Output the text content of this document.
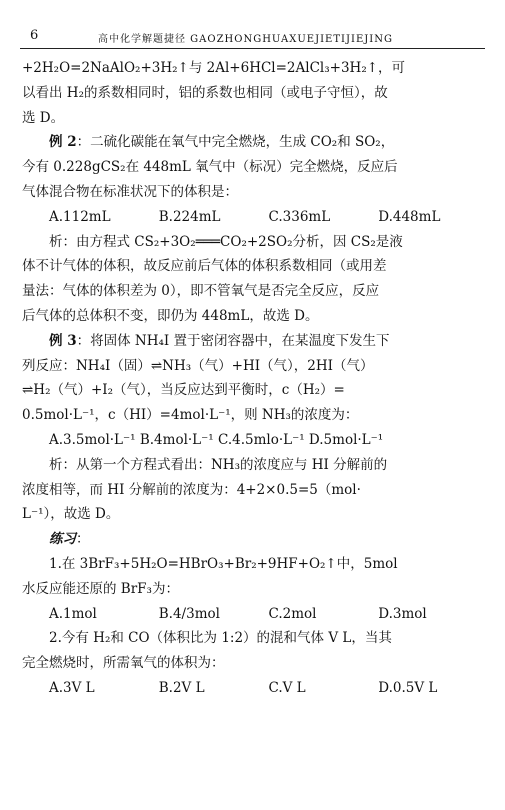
6	高中化学解题捷径 GAOZHONGHUAXUEJIETIJIEJING
+2H₂O=2NaAlO₂+3H₂↑与 2Al+6HCl=2AlCl₃+3H₂↑，可
以看出 H₂的系数相同时，铝的系数也相同（或电子守恒），故
选 D。
例 2：二硫化碳能在氧气中完全燃烧，生成 CO₂和 SO₂，
今有 0.228gCS₂在 448mL 氧气中（标况）完全燃烧，反应后
气体混合物在标准状况下的体积是：
A.112mL	B.224mL	C.336mL	D.448mL
析：由方程式 CS₂+3O₂═══CO₂+2SO₂分析，因 CS₂是液
体不计气体的体积，故反应前后气体的体积系数相同（或用差
量法：气体的体积差为 0），即不管氧气是否完全反应，反应
后气体的总体积不变，即仍为 448mL，故选 D。
例 3：将固体 NH₄I 置于密闭容器中，在某温度下发生下
列反应：NH₄I（固）⇌NH₃（气）+HI（气），2HI（气）
⇌H₂（气）+I₂（气），当反应达到平衡时，c（H₂）=
0.5mol·L⁻¹，c（HI）=4mol·L⁻¹，则 NH₃的浓度为：
A.3.5mol·L⁻¹ B.4mol·L⁻¹ C.4.5mlo·L⁻¹ D.5mol·L⁻¹
析：从第一个方程式看出：NH₃的浓度应与 HI 分解前的
浓度相等，而 HI 分解前的浓度为：4+2×0.5=5（mol·
L⁻¹），故选 D。
练习：
1.在 3BrF₃+5H₂O=HBrO₃+Br₂+9HF+O₂↑中，5mol
水反应能还原的 BrF₃为：
A.1mol	B.4/3mol	C.2mol	D.3mol
2.今有 H₂和 CO（体积比为 1:2）的混和气体 V L，当其
完全燃烧时，所需氧气的体积为：
A.3V L	B.2V L	C.V L	D.0.5V L
